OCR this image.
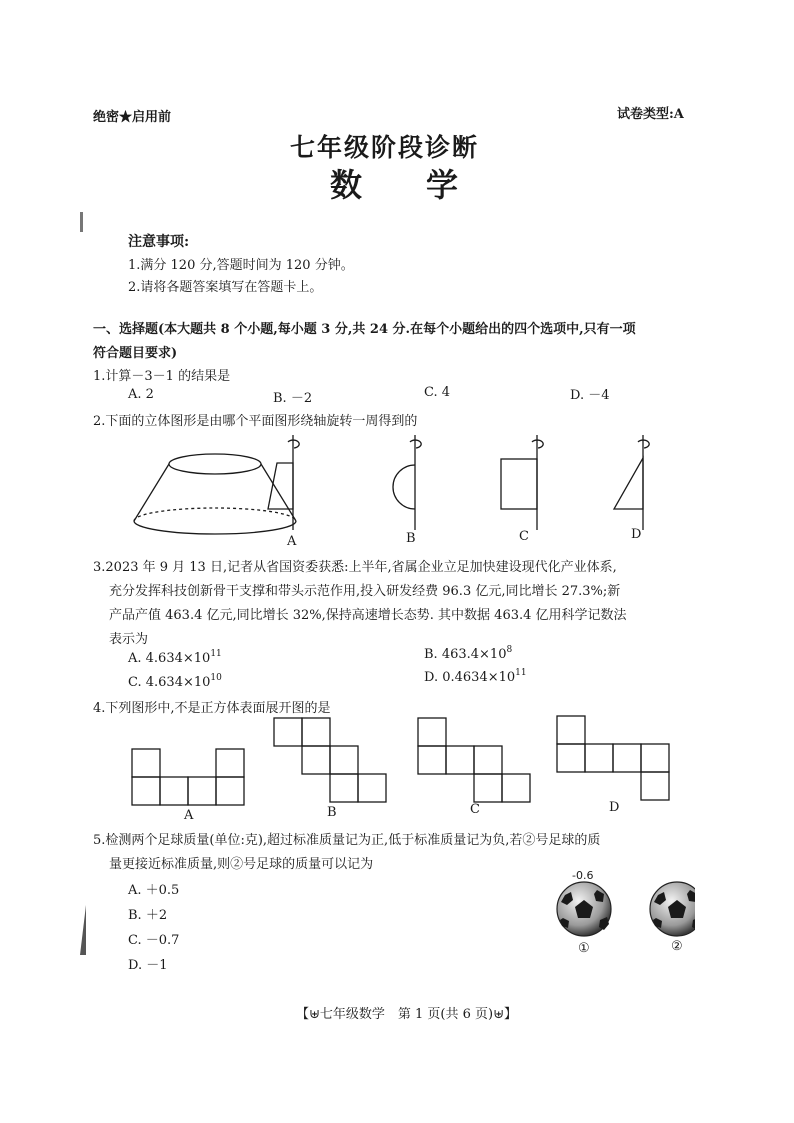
绝密★启用前	试卷类型:A
七年级阶段诊断
数　　学
注意事项:
1.满分 120 分,答题时间为 120 分钟。
2.请将各题答案填写在答题卡上。
一、选择题(本大题共 8 个小题,每小题 3 分,共 24 分.在每个小题给出的四个选项中,只有一项
符合题目要求)
1.计算－3－1 的结果是
A. 2	B. －2	C. 4	D. －4
2.下面的立体图形是由哪个平面图形绕轴旋转一周得到的
A	B	C	D
3.2023 年 9 月 13 日,记者从省国资委获悉:上半年,省属企业立足加快建设现代化产业体系,
充分发挥科技创新骨干支撑和带头示范作用,投入研发经费 96.3 亿元,同比增长 27.3%;新
产品产值 463.4 亿元,同比增长 32%,保持高速增长态势. 其中数据 463.4 亿用科学记数法
表示为
A. $4.634\times 10^{11}$	B. $463.4\times 10^8$
C. $4.634\times 10^{10}$	D. $0.4634\times 10^{11}$
4.下列图形中,不是正方体表面展开图的是
A	B	C	D
5.检测两个足球质量(单位:克),超过标准质量记为正,低于标准质量记为负,若②号足球的质
量更接近标准质量,则②号足球的质量可以记为
A. ＋0.5
B. ＋2
C. －0.7
D. －1
-0.6
①	②
【⊎七年级数学　第 1 页(共 6 页)⊎】
